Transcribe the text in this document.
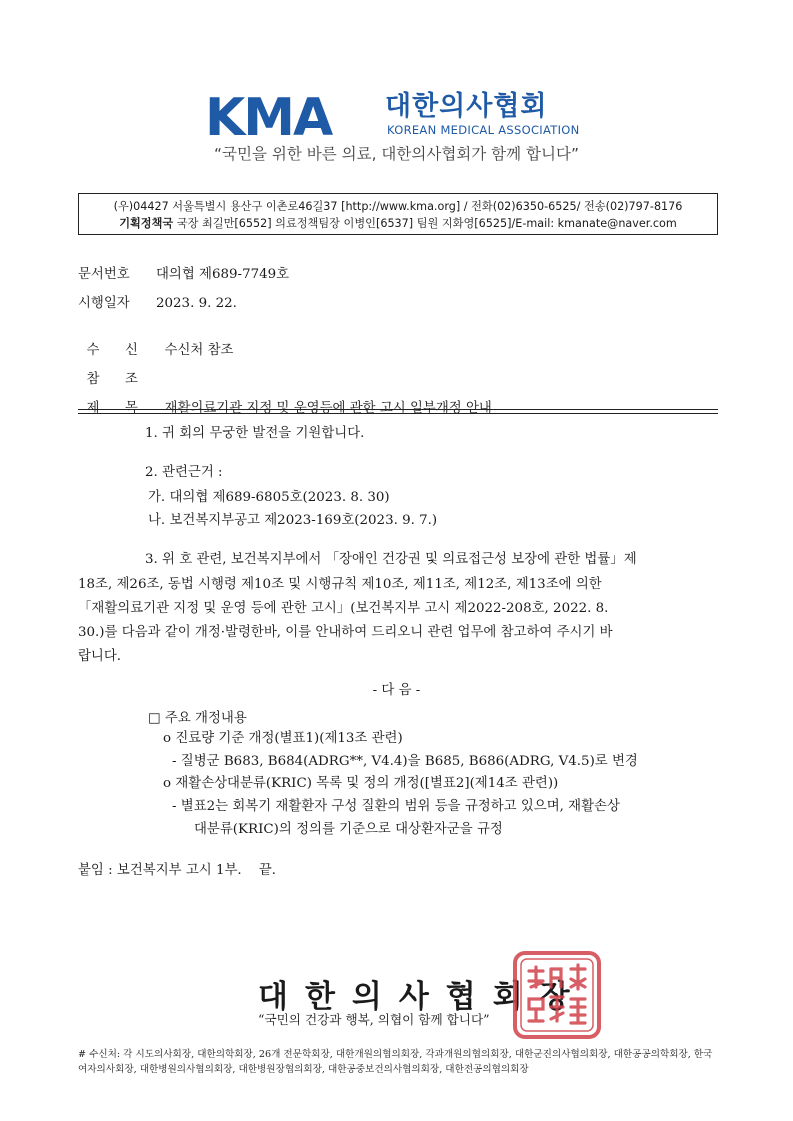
KMA 대한의사협회
KOREAN MEDICAL ASSOCIATION
“국민을 위한 바른 의료, 대한의사협회가 함께 합니다”
(우)04427 서울특별시 용산구 이촌로46길37 [http://www.kma.org] / 전화(02)6350-6525/ 전송(02)797-8176
기획정책국 국장 최길만[6552] 의료정책팀장 이병인[6537] 팀원 지화영[6525]/E-mail: kmanate@naver.com
문서번호 대의협 제689-7749호
시행일자 2023. 9. 22.

수      신 수신처 참조

참      조

제      목 재활의료기관 지정 및 운영등에 관한 고시 일부개정 안내

1. 귀 회의 무궁한 발전을 기원합니다.
2. 관련근거 :
가. 대의협 제689-6805호(2023. 8. 30)
나. 보건복지부공고 제2023-169호(2023. 9. 7.)
3. 위 호 관련, 보건복지부에서 「장애인 건강권 및 의료접근성 보장에 관한 법률」제
18조, 제26조, 동법 시행령 제10조 및 시행규칙 제10조, 제11조, 제12조, 제13조에 의한
「재활의료기관 지정 및 운영 등에 관한 고시」(보건복지부 고시 제2022-208호, 2022. 8.
30.)를 다음과 같이 개정·발령한바, 이를 안내하여 드리오니 관련 업무에 참고하여 주시기 바
랍니다.
- 다 음 -
□ 주요 개정내용
o 진료량 기준 개정(별표1)(제13조 관련)
- 질병군 B683, B684(ADRG**, V4.4)을 B685, B686(ADRG, V4.5)로 변경
o 재활손상대분류(KRIC) 목록 및 정의 개정([별표2](제14조 관련))
- 별표2는 회복기 재활환자 구성 질환의 범위 등을 규정하고 있으며, 재활손상
대분류(KRIC)의 정의를 기준으로 대상환자군을 규정
붙임 : 보건복지부 고시 1부.    끝.
대한의사협회장
“국민의 건강과 행복, 의협이 함께 합니다”
# 수신처: 각 시도의사회장, 대한의학회장, 26개 전문학회장, 대한개원의협의회장, 각과개원의협의회장, 대한군진의사협의회장, 대한공공의학회장, 한국여자의사회장, 대한병원의사협의회장, 대한병원장협의회장, 대한공중보건의사협의회장, 대한전공의협의회장
